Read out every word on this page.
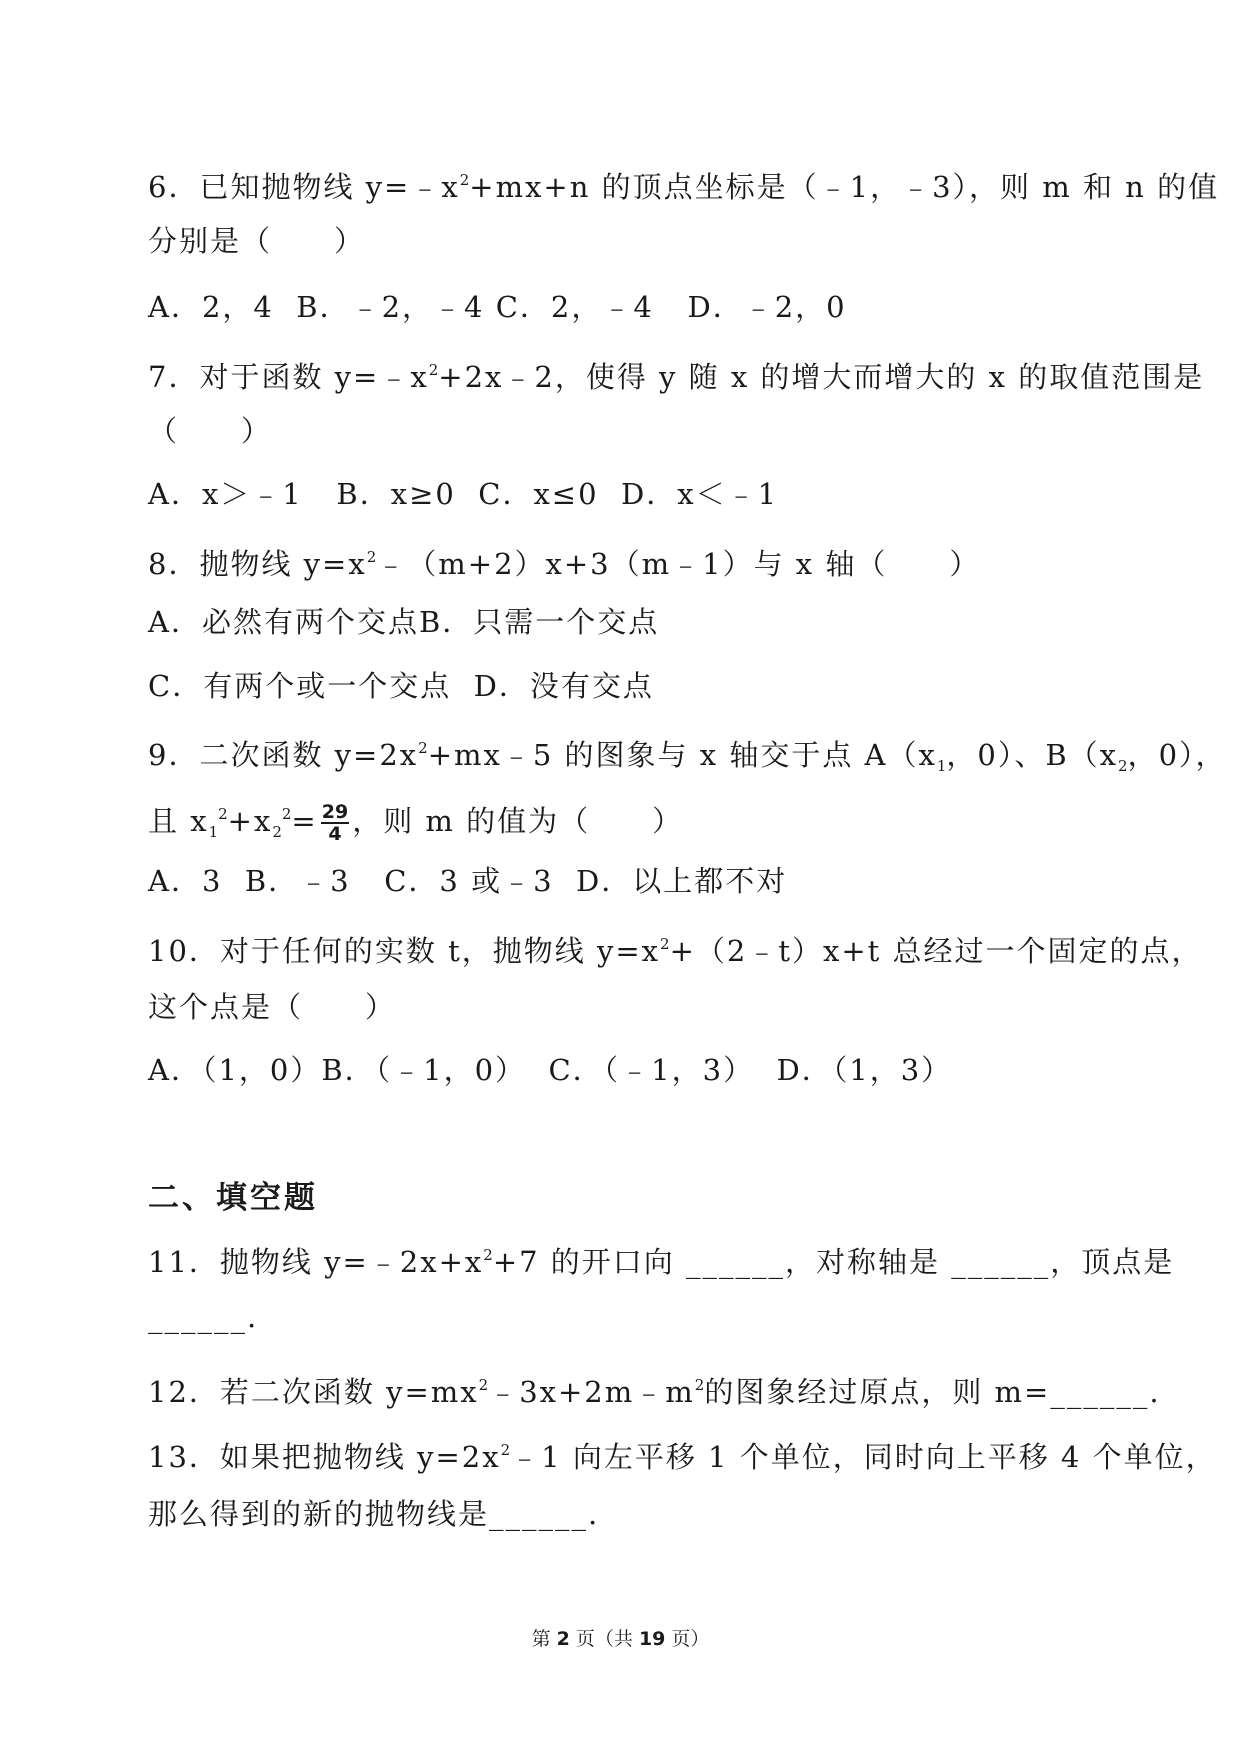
6．已知抛物线 $y=﹣x^2+mx+n$ 的顶点坐标是（﹣1，﹣3），则 m 和 n 的值
分别是（　　）
A．2，4  B．﹣2，﹣4 C．2，﹣4   D．﹣2，0
7．对于函数 $y=﹣x^2+2x﹣2$，使得 y 随 x 的增大而增大的 x 的取值范围是
（　　）
A．x＞﹣1   B．x≥0  C．x≤0  D．x＜﹣1
8．抛物线 $y=x^2﹣(m+2)x+3(m﹣1)$与 x 轴（　　）
A．必然有两个交点B．只需一个交点
C．有两个或一个交点  D．没有交点
9．二次函数 $y=2x^2+mx﹣5$ 的图象与 x 轴交于点 $A(x_1$，0）、$B(x_2$，0），
且 $x_1^2+x_2^2= \frac{29}{4}$ ，则 m 的值为（　　）
A．3  B．﹣3   C．3 或﹣3  D．以上都不对
10．对于任何的实数 t，抛物线 $y=x^2+(2﹣t)x+t$ 总经过一个固定的点，
这个点是（　　）
A．（1，0）B．（﹣1，0）  C．（﹣1，3）  D．（1，3）
二、填空题
11．抛物线 $y=﹣2x+x^2+7$ 的开口向 ______，对称轴是 ______，顶点是
______.
12．若二次函数 $y=mx^2﹣3x+2m﹣m^2$的图象经过原点，则 m=______.
13．如果把抛物线 $y=2x^2﹣1$ 向左平移 1 个单位，同时向上平移 4 个单位，
那么得到的新的抛物线是______.
第 2 页（共 19 页）
